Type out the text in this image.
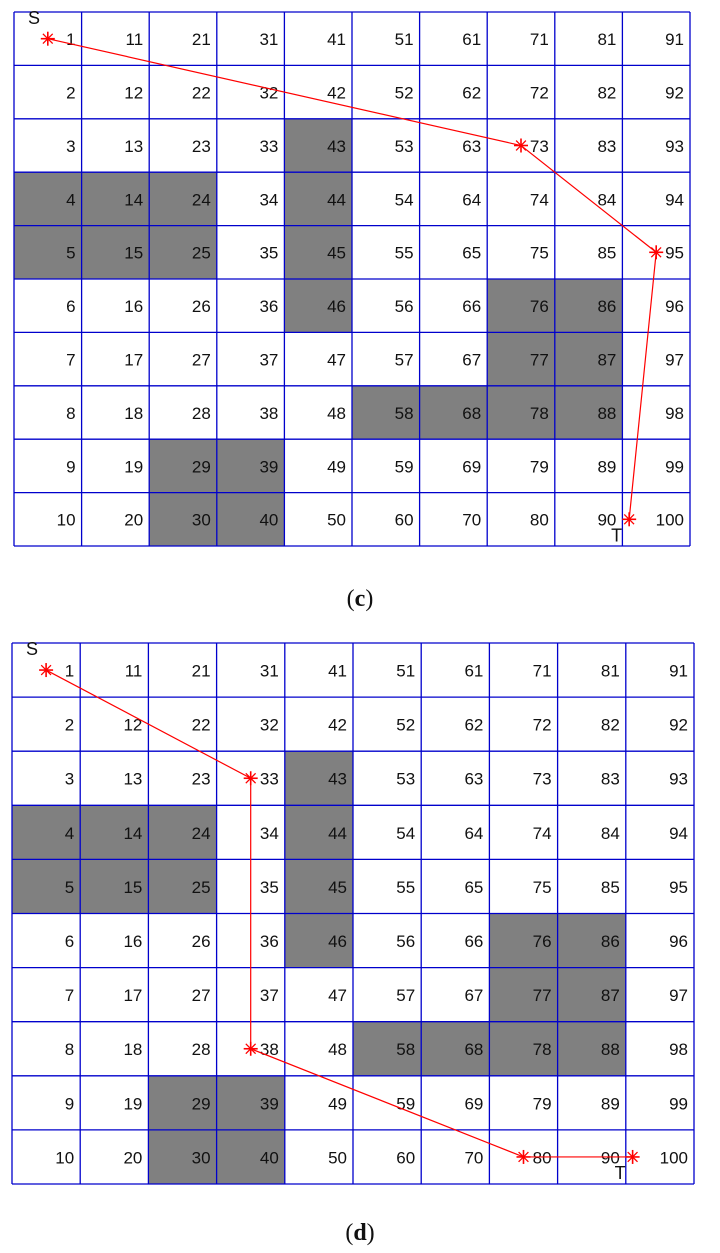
1
2
3
4
5
6
7
8
9
10
11
12
13
14
15
16
17
18
19
20
21
22
23
24
25
26
27
28
29
30
31
32
33
34
35
36
37
38
39
40
41
42
43
44
45
46
47
48
49
50
51
52
53
54
55
56
57
58
59
60
61
62
63
64
65
66
67
68
69
70
71
72
73
74
75
76
77
78
79
80
81
82
83
84
85
86
87
88
89
90
91
92
93
94
95
96
97
98
99
100
S
T
1
2
3
4
5
6
7
8
9
10
11
12
13
14
15
16
17
18
19
20
21
22
23
24
25
26
27
28
29
30
31
32
33
34
35
36
37
38
39
40
41
42
43
44
45
46
47
48
49
50
51
52
53
54
55
56
57
58
59
60
61
62
63
64
65
66
67
68
69
70
71
72
73
74
75
76
77
78
79
80
81
82
83
84
85
86
87
88
89
90
91
92
93
94
95
96
97
98
99
100
S
T
(c)
(d)
